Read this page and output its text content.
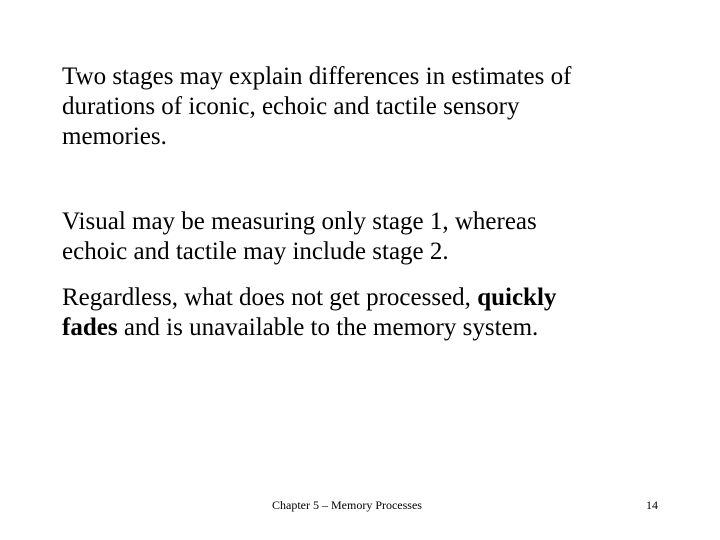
Two stages may explain differences in estimates of
durations of iconic, echoic and tactile sensory
memories.

Visual may be measuring only stage 1, whereas
echoic and tactile may include stage 2.

Regardless, what does not get processed, quickly
fades and is unavailable to the memory system.

Chapter 5 – Memory Processes	14
